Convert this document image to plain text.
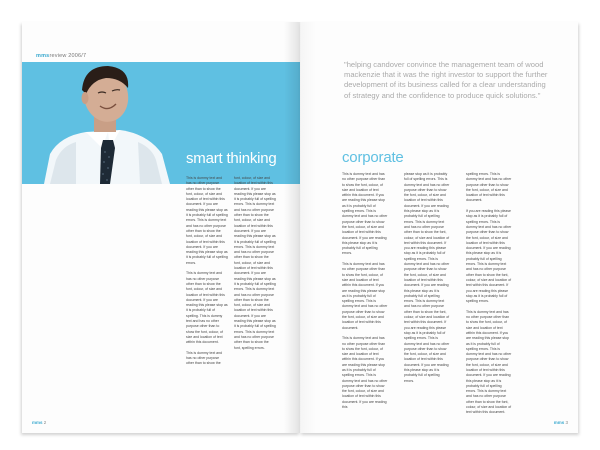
mmsreview 2006/7
smart thinking
This is dummy text and has no other purpose other than to show the font, colour, of size and location of text within this document. If you are reading this please stop as it is probably full of spelling errors. This is dummy text and has no other purpose other than to show the font, colour, of size and location of text within this document. If you are reading this please stop as it is probably full of spelling errors.

This is dummy text and has no other purpose other than to show the font, colour, of size and location of text within this document. If you are reading this please stop as it is probably full of spelling. This is dummy text and has no other purpose other than to show the font, colour, of size and location of text within this document.

This is dummy text and has no other purpose other than to show the
font, colour, of size and location of text within this document. If you are reading this please stop as it is probably full of spelling errors. This is dummy text and has no other purpose other than to show the font, colour, of size and location of text within this document. If you are reading this please stop as it is probably full of spelling errors. This is dummy text and has no other purpose other than to show the font, colour, of size and location of text within this document. If you are reading this please stop as it is probably full of spelling errors. This is dummy text and has no other purpose other than to show the font, colour, of size and location of text within this document. If you are reading this please stop as it is probably full of spelling errors. This is dummy text and has no other purpose other than to show the font, spelling errors.
mms 2
"helping candover convince the management team of wood mackenzie that it was the right investor to support the further development of its business called for a clear understanding of strategy and the confidence to produce quick solutions."
corporate
This is dummy text and has no other purpose other than to show the font, colour, of size and location of text within this document. If you are reading this please stop as it is probably full of spelling errors. This is dummy text and has no other purpose other than to show the font, colour, of size and location of text within this document. If you are reading this please stop as it is probably full of spelling errors.

This is dummy text and has no other purpose other than to show the font, colour, of size and location of text within this document. If you are reading this please stop as it is probably full of spelling errors. This is dummy text and has no other purpose other than to show the font, colour, of size and location of text within this document.

This is dummy text and has no other purpose other than to show the font, colour, of size and location of text within this document. If you are reading this please stop as it is probably full of spelling errors. This is dummy text and has no other purpose other than to show the font, colour, of size and location of text within this document. If you are reading this
please stop as it is probably full of spelling errors. This is dummy text and has no other purpose other than to show the font, colour, of size and location of text within this document. If you are reading this please stop as it is probably full of spelling errors. This is dummy text and has no other purpose other than to show the font, colour, of size and location of text within this document. If you are reading this please stop as it is probably full of spelling errors. This is dummy text and has no other purpose other than to show the font, colour, of size and location of text within this document. If you are reading this please stop as it is probably full of spelling errors. This is dummy text and has no other purpose other than to show the font, colour, of size and location of text within this document. If you are reading this please stop as it is probably full of spelling errors. This is dummy text and has no other purpose other than to show the font, colour, of size and location of text within this document. If you are reading this please stop as it is probably full of spelling errors.
spelling errors. This is dummy text and has no other purpose other than to show the font, colour, of size and location of text within this document.

If you are reading this please stop as it is probably full of spelling errors. This is dummy text and has no other purpose other than to show the font, colour, of size and location of text within this document. If you are reading this please stop as it is probably full of spelling errors. This is dummy text and has no other purpose other than to show the font, colour, of size and location of text within this document. If you are reading this please stop as it is probably full of spelling errors.

This is dummy text and has no other purpose other than to show the font, colour, of size and location of text within this document. If you are reading this please stop as it is probably full of spelling errors. This is dummy text and has no other purpose other than to show the font, colour, of size and location of text within this document. If you are reading this please stop as it is probably full of spelling errors. This is dummy text and has no other purpose other than to show the font, colour, of size and location of text within this document.
mms 3
